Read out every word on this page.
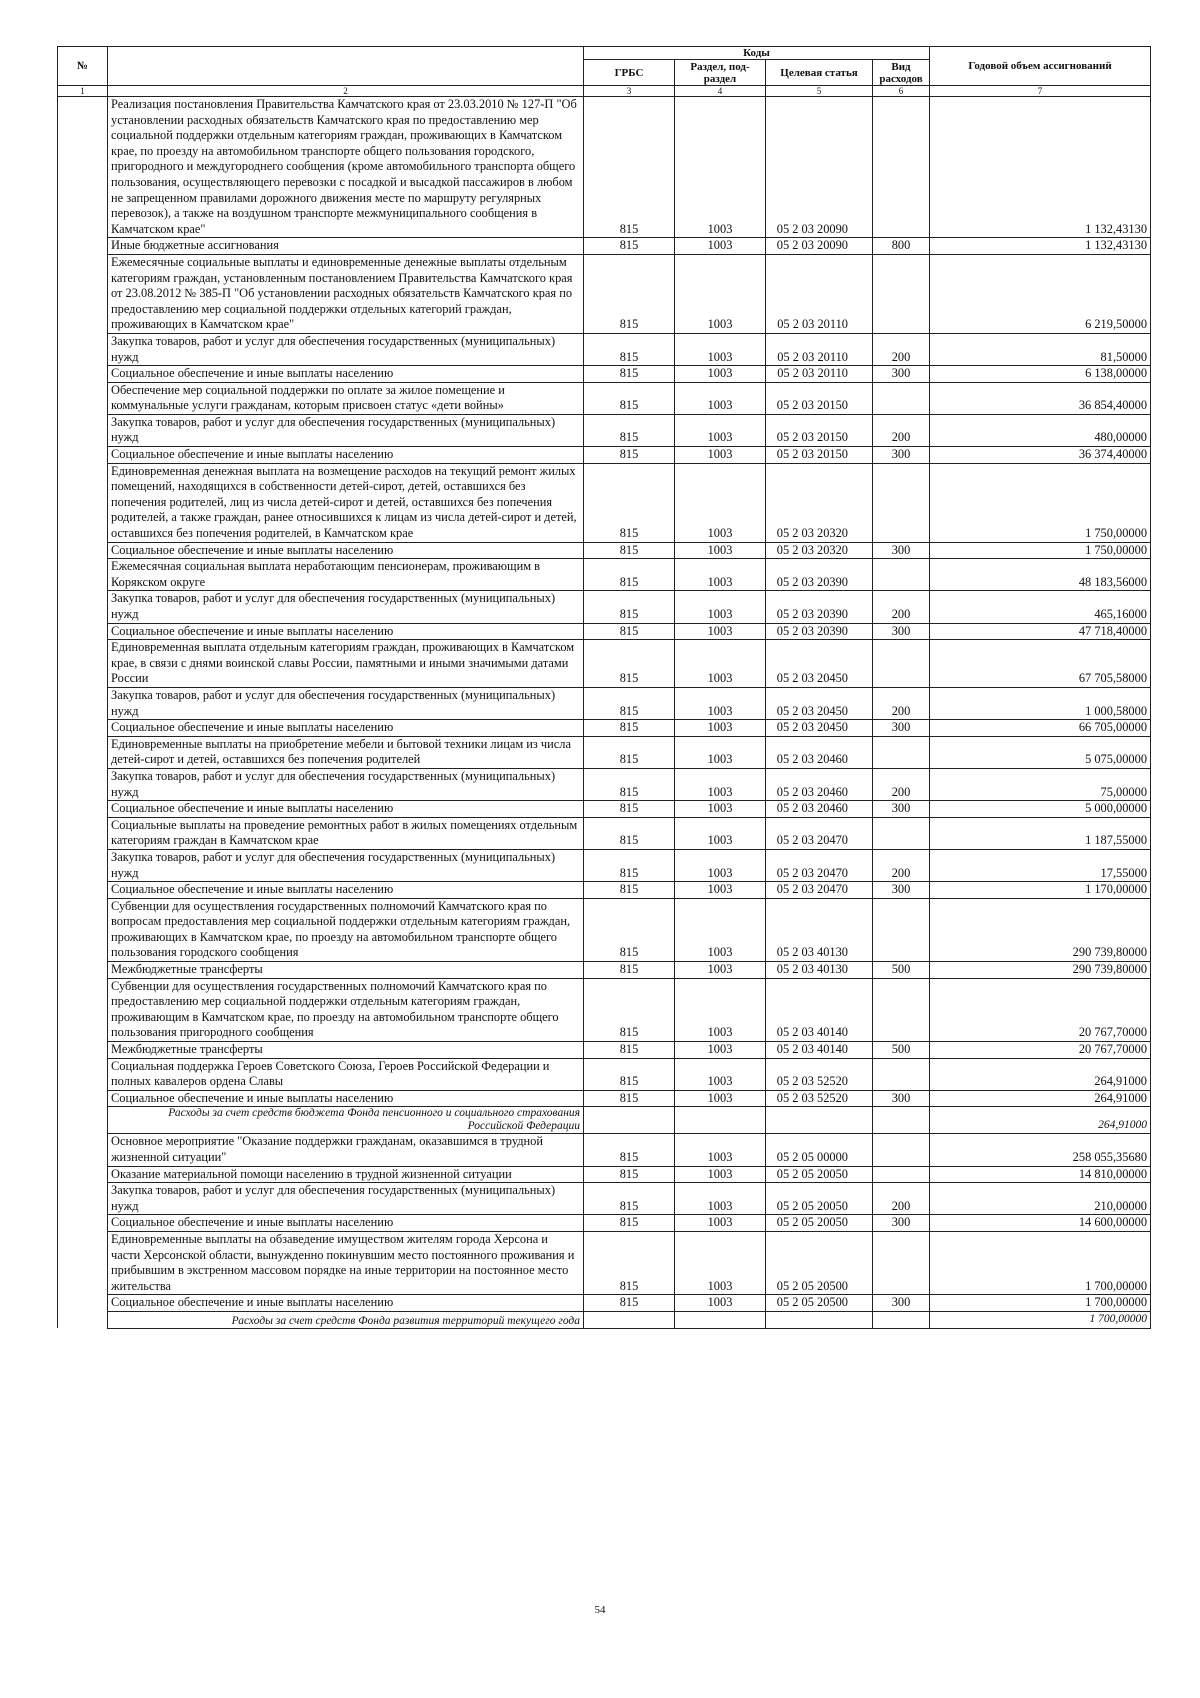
№		Коды				Годовой объем ассигнований
		ГРБС	Раздел, под-раздел	Целевая статья	Вид расходов	
1	2	3	4	5	6	7
	Реализация постановления Правительства Камчатского края от 23.03.2010 № 127-П "Об установлении расходных обязательств Камчатского края по предоставлению мер социальной поддержки отдельным категориям граждан, проживающих в Камчатском крае, по проезду на автомобильном транспорте общего пользования городского, пригородного и междугороднего сообщения (кроме автомобильного транспорта общего пользования, осуществляющего перевозки с посадкой и высадкой пассажиров в любом не запрещенном правилами дорожного движения месте по маршруту регулярных перевозок), а также на воздушном транспорте межмуниципального сообщения в Камчатском крае"	815	1003	05 2 03 20090		1 132,43130
	Иные бюджетные ассигнования	815	1003	05 2 03 20090	800	1 132,43130
	Ежемесячные социальные выплаты и единовременные денежные выплаты отдельным категориям граждан, установленным постановлением Правительства Камчатского края от 23.08.2012 № 385-П "Об установлении расходных обязательств Камчатского края по предоставлению мер социальной поддержки отдельных категорий граждан, проживающих в Камчатском крае"	815	1003	05 2 03 20110		6 219,50000
	Закупка товаров, работ и услуг для обеспечения государственных (муниципальных) нужд	815	1003	05 2 03 20110	200	81,50000
	Социальное обеспечение и иные выплаты населению	815	1003	05 2 03 20110	300	6 138,00000
	Обеспечение мер социальной поддержки по оплате за жилое помещение и коммунальные услуги гражданам, которым присвоен статус «дети войны»	815	1003	05 2 03 20150		36 854,40000
	Закупка товаров, работ и услуг для обеспечения государственных (муниципальных) нужд	815	1003	05 2 03 20150	200	480,00000
	Социальное обеспечение и иные выплаты населению	815	1003	05 2 03 20150	300	36 374,40000
	Единовременная денежная выплата на возмещение расходов на текущий ремонт жилых помещений, находящихся в собственности детей-сирот, детей, оставшихся без попечения родителей, лиц из числа детей-сирот и детей, оставшихся без попечения родителей, а также граждан, ранее относившихся к лицам из числа детей-сирот и детей, оставшихся без попечения родителей, в Камчатском крае	815	1003	05 2 03 20320		1 750,00000
	Социальное обеспечение и иные выплаты населению	815	1003	05 2 03 20320	300	1 750,00000
	Ежемесячная социальная выплата неработающим пенсионерам, проживающим в Корякском округе	815	1003	05 2 03 20390		48 183,56000
	Закупка товаров, работ и услуг для обеспечения государственных (муниципальных) нужд	815	1003	05 2 03 20390	200	465,16000
	Социальное обеспечение и иные выплаты населению	815	1003	05 2 03 20390	300	47 718,40000
	Единовременная выплата отдельным категориям граждан, проживающих в Камчатском крае, в связи с днями воинской славы России, памятными и иными значимыми датами России	815	1003	05 2 03 20450		67 705,58000
	Закупка товаров, работ и услуг для обеспечения государственных (муниципальных) нужд	815	1003	05 2 03 20450	200	1 000,58000
	Социальное обеспечение и иные выплаты населению	815	1003	05 2 03 20450	300	66 705,00000
	Единовременные выплаты на приобретение мебели и бытовой техники лицам из числа детей-сирот и детей, оставшихся без попечения родителей	815	1003	05 2 03 20460		5 075,00000
	Закупка товаров, работ и услуг для обеспечения государственных (муниципальных) нужд	815	1003	05 2 03 20460	200	75,00000
	Социальное обеспечение и иные выплаты населению	815	1003	05 2 03 20460	300	5 000,00000
	Социальные выплаты на проведение ремонтных работ в жилых помещениях отдельным категориям граждан в Камчатском крае	815	1003	05 2 03 20470		1 187,55000
	Закупка товаров, работ и услуг для обеспечения государственных (муниципальных) нужд	815	1003	05 2 03 20470	200	17,55000
	Социальное обеспечение и иные выплаты населению	815	1003	05 2 03 20470	300	1 170,00000
	Субвенции для осуществления государственных полномочий Камчатского края по вопросам предоставления мер социальной поддержки отдельным категориям граждан, проживающих в Камчатском крае, по проезду на автомобильном транспорте общего пользования городского сообщения	815	1003	05 2 03 40130		290 739,80000
	Межбюджетные трансферты	815	1003	05 2 03 40130	500	290 739,80000
	Субвенции для осуществления государственных полномочий Камчатского края по предоставлению мер социальной поддержки отдельным категориям граждан, проживающим в Камчатском крае, по проезду на автомобильном транспорте общего пользования пригородного сообщения	815	1003	05 2 03 40140		20 767,70000
	Межбюджетные трансферты	815	1003	05 2 03 40140	500	20 767,70000
	Социальная поддержка Героев Советского Союза, Героев Российской Федерации и полных кавалеров ордена Славы	815	1003	05 2 03 52520		264,91000
	Социальное обеспечение и иные выплаты населению	815	1003	05 2 03 52520	300	264,91000
	Расходы за счет средств бюджета Фонда пенсионного и социального страхования Российской Федерации					264,91000
	Основное мероприятие "Оказание поддержки гражданам, оказавшимся в трудной жизненной ситуации"	815	1003	05 2 05 00000		258 055,35680
	Оказание материальной помощи населению в трудной жизненной ситуации	815	1003	05 2 05 20050		14 810,00000
	Закупка товаров, работ и услуг для обеспечения государственных (муниципальных) нужд	815	1003	05 2 05 20050	200	210,00000
	Социальное обеспечение и иные выплаты населению	815	1003	05 2 05 20050	300	14 600,00000
	Единовременные выплаты на обзаведение имуществом жителям города Херсона и части Херсонской области, вынужденно покинувшим место постоянного проживания и прибывшим в экстренном массовом порядке на иные территории на постоянное место жительства	815	1003	05 2 05 20500		1 700,00000
	Социальное обеспечение и иные выплаты населению	815	1003	05 2 05 20500	300	1 700,00000
	Расходы за счет средств Фонда развития территорий текущего года					1 700,00000
54
